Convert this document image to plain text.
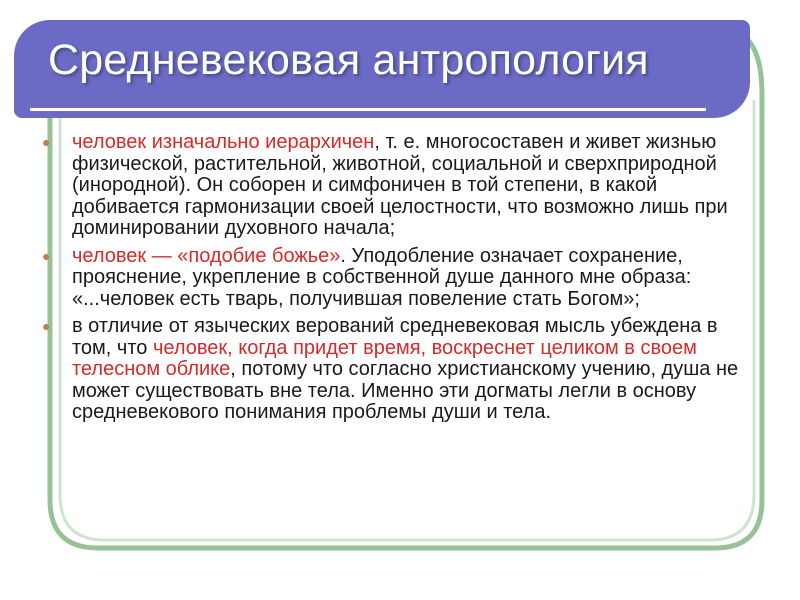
Средневековая антропология
● человек изначально иерархичен, т. е. многосоставен и живет жизнью физической, растительной, животной, социальной и сверхприродной (инородной). Он соборен и симфоничен в той степени, в какой добивается гармонизации своей целостности, что возможно лишь при доминировании духовного начала;
● человек — «подобие божье». Уподобление означает сохранение, прояснение, укрепление в собственной душе данного мне образа: «...человек есть тварь, получившая повеление стать Богом»;
● в отличие от языческих верований средневековая мысль убеждена в том, что человек, когда придет время, воскреснет целиком в своем телесном облике, потому что согласно христианскому учению, душа не может существовать вне тела. Именно эти догматы легли в основу средневекового понимания проблемы души и тела.
